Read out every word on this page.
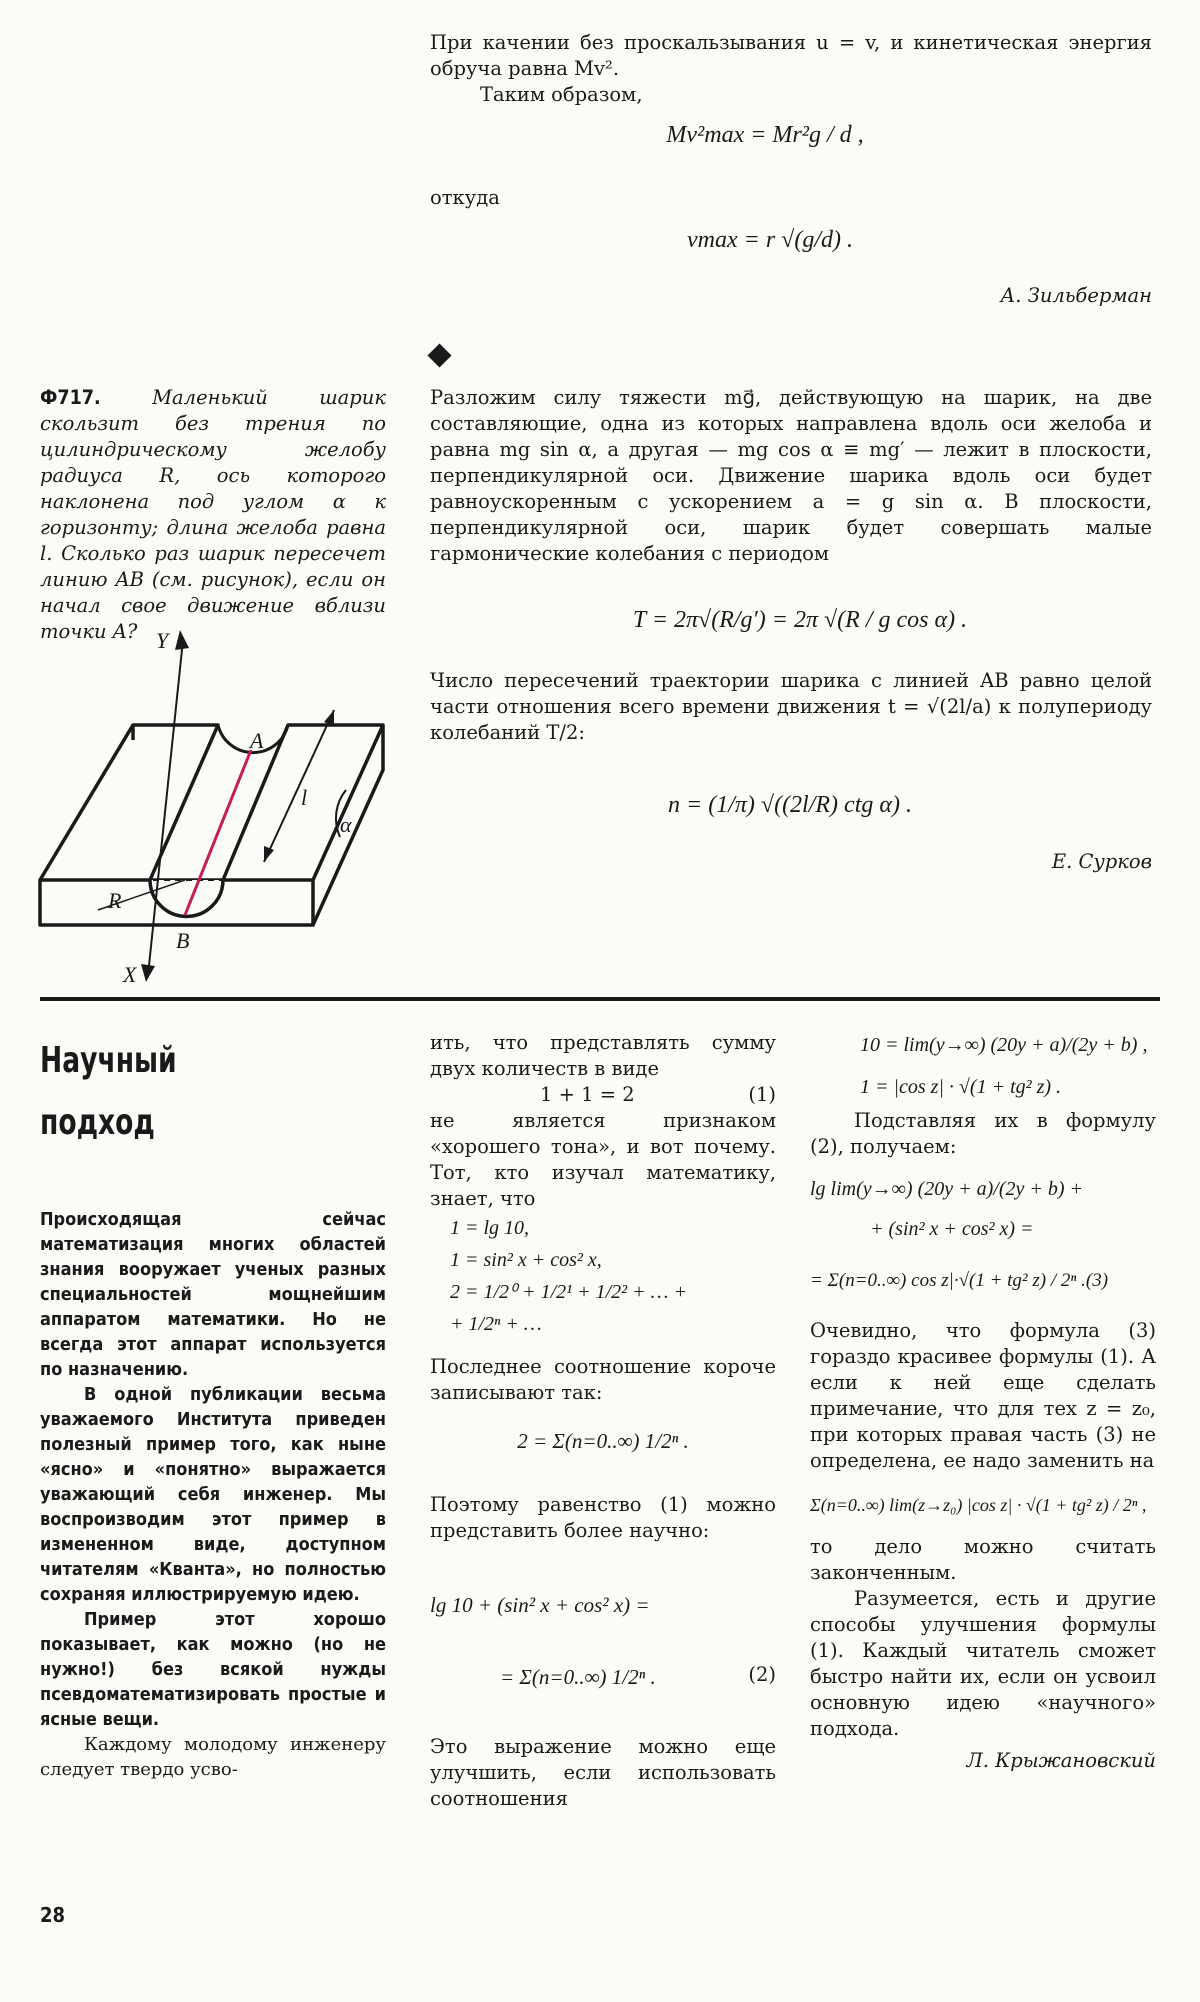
При качении без проскальзывания u = v, и кинетическая энергия обруча равна Mv².

Таким образом,

Mv²max = Mr²g / d ,

откуда

vmax = r √(g/d) .
А. Зильберман

Ф717.	Маленький шарик скользит без трения по цилиндрическому желобу радиуса R, ось которого наклонена под углом α к горизонту; длина желоба равна l. Сколько раз шарик пересечет линию AB (см. рисунок), если он начал свое движение вблизи точки A? Y
A
l
α
R
B
X

Разложим силу тяжести mg⃗, действующую на шарик, на две составляющие, одна из которых направлена вдоль оси желоба и равна mg sin α, а другая — mg cos α ≡ mg′ — лежит в плоскости, перпендикулярной оси. Движение шарика вдоль оси будет равноускоренным с ускорением a = g sin α. В плоскости, перпендикулярной оси, шарик будет совершать малые гармонические колебания с периодом

T = 2π√(R/g′) = 2π √(R / g cos α) .

Число пересечений траектории шарика с линией AB равно целой части отношения всего времени движения t = √(2l/a) к полупериоду колебаний T/2:

n = (1/π) √((2l/R) ctg α) .
Е. Сурков
Научный
подход

Происходящая сейчас математизация многих областей знания вооружает ученых разных специальностей мощнейшим аппаратом математики. Но не всегда этот аппарат используется по назначению.

В одной публикации весьма уважаемого Института приведен полезный пример того, как ныне «ясно» и «понятно» выражается уважающий себя инженер. Мы воспроизводим этот пример в измененном виде, доступном читателям «Кванта», но полностью сохраняя иллюстрируемую идею.

Пример этот хорошо показывает, как можно (но не нужно!) без всякой нужды псевдоматематизировать простые и ясные вещи.

Каждому молодому инженеру следует твердо усво-

ить, что представлять сумму двух количеств в виде

1 + 1 = 2	(1)

не является признаком «хорошего тона», и вот почему. Тот, кто изучал математику, знает, что

1 = lg 10,
1 = sin² x + cos² x,
2 = 1/2⁰ + 1/2¹ + 1/2² + … +
+ 1/2ⁿ + …

Последнее соотношение короче записывают так:

2 = Σ(n=0..∞) 1/2ⁿ .

Поэтому равенство (1) можно представить более научно:

lg 10 + (sin² x + cos² x) =
= Σ(n=0..∞) 1/2ⁿ .	(2)

Это выражение можно еще улучшить, если использовать соотношения

10 = lim(y→∞) (20y + a)/(2y + b) ,
1 = |cos z| · √(1 + tg² z) .

Подставляя их в формулу (2), получаем:

lg lim(y→∞) (20y + a)/(2y + b) +
+ (sin² x + cos² x) =
= Σ(n=0..∞) cos z|·√(1 + tg² z) / 2ⁿ .(3)

Очевидно, что формула (3) гораздо красивее формулы (1). А если к ней еще сделать примечание, что для тех z = z₀, при которых правая часть (3) не определена, ее надо заменить на

Σ(n=0..∞) lim(z→z₀) |cos z| · √(1 + tg² z) / 2ⁿ ,

то дело можно считать законченным.

Разумеется, есть и другие способы улучшения формулы (1). Каждый читатель сможет быстро найти их, если он усвоил основную идею «научного» подхода.

Л. Крыжановский
28
